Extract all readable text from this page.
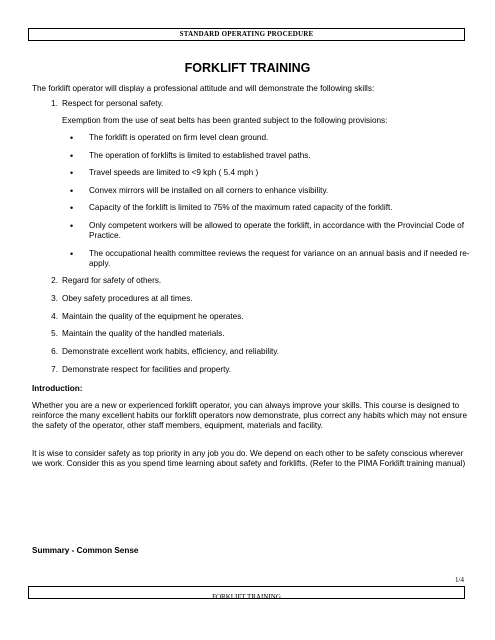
STANDARD OPERATING PROCEDURE
FORKLIFT TRAINING
The forklift operator will display a professional attitude and will demonstrate the following skills:
1. Respect for personal safety.
Exemption from the use of seat belts has been granted subject to the following provisions:
• The forklift is operated on firm level clean ground.
• The operation of forklifts is limited to established travel paths.
• Travel speeds are limited to <9 kph ( 5.4 mph )
• Convex mirrors will be installed on all corners to enhance visibility.
• Capacity of the forklift is limited to 75% of the maximum rated capacity of the forklift.
• Only competent workers will be allowed to operate the forklift, in accordance with the Provincial Code of Practice.
• The occupational health committee reviews the request for variance on an annual basis and if needed re-apply.
2. Regard for safety of others.
3. Obey safety procedures at all times.
4. Maintain the quality of the equipment he operates.
5. Maintain the quality of the handled materials.
6. Demonstrate excellent work habits, efficiency, and reliability.
7. Demonstrate respect for facilities and property.
Introduction:
Whether you are a new or experienced forklift operator, you can always improve your skills. This course is designed to reinforce the many excellent habits our forklift operators now demonstrate, plus correct any habits which may not ensure the safety of the operator, other staff members, equipment, materials and facility.
It is wise to consider safety as top priority in any job you do. We depend on each other to be safety conscious wherever we work. Consider this as you spend time learning about safety and forklifts. (Refer to the PIMA Forklift training manual)
Summary - Common Sense
1/4
FORKLIFT TRAINING
